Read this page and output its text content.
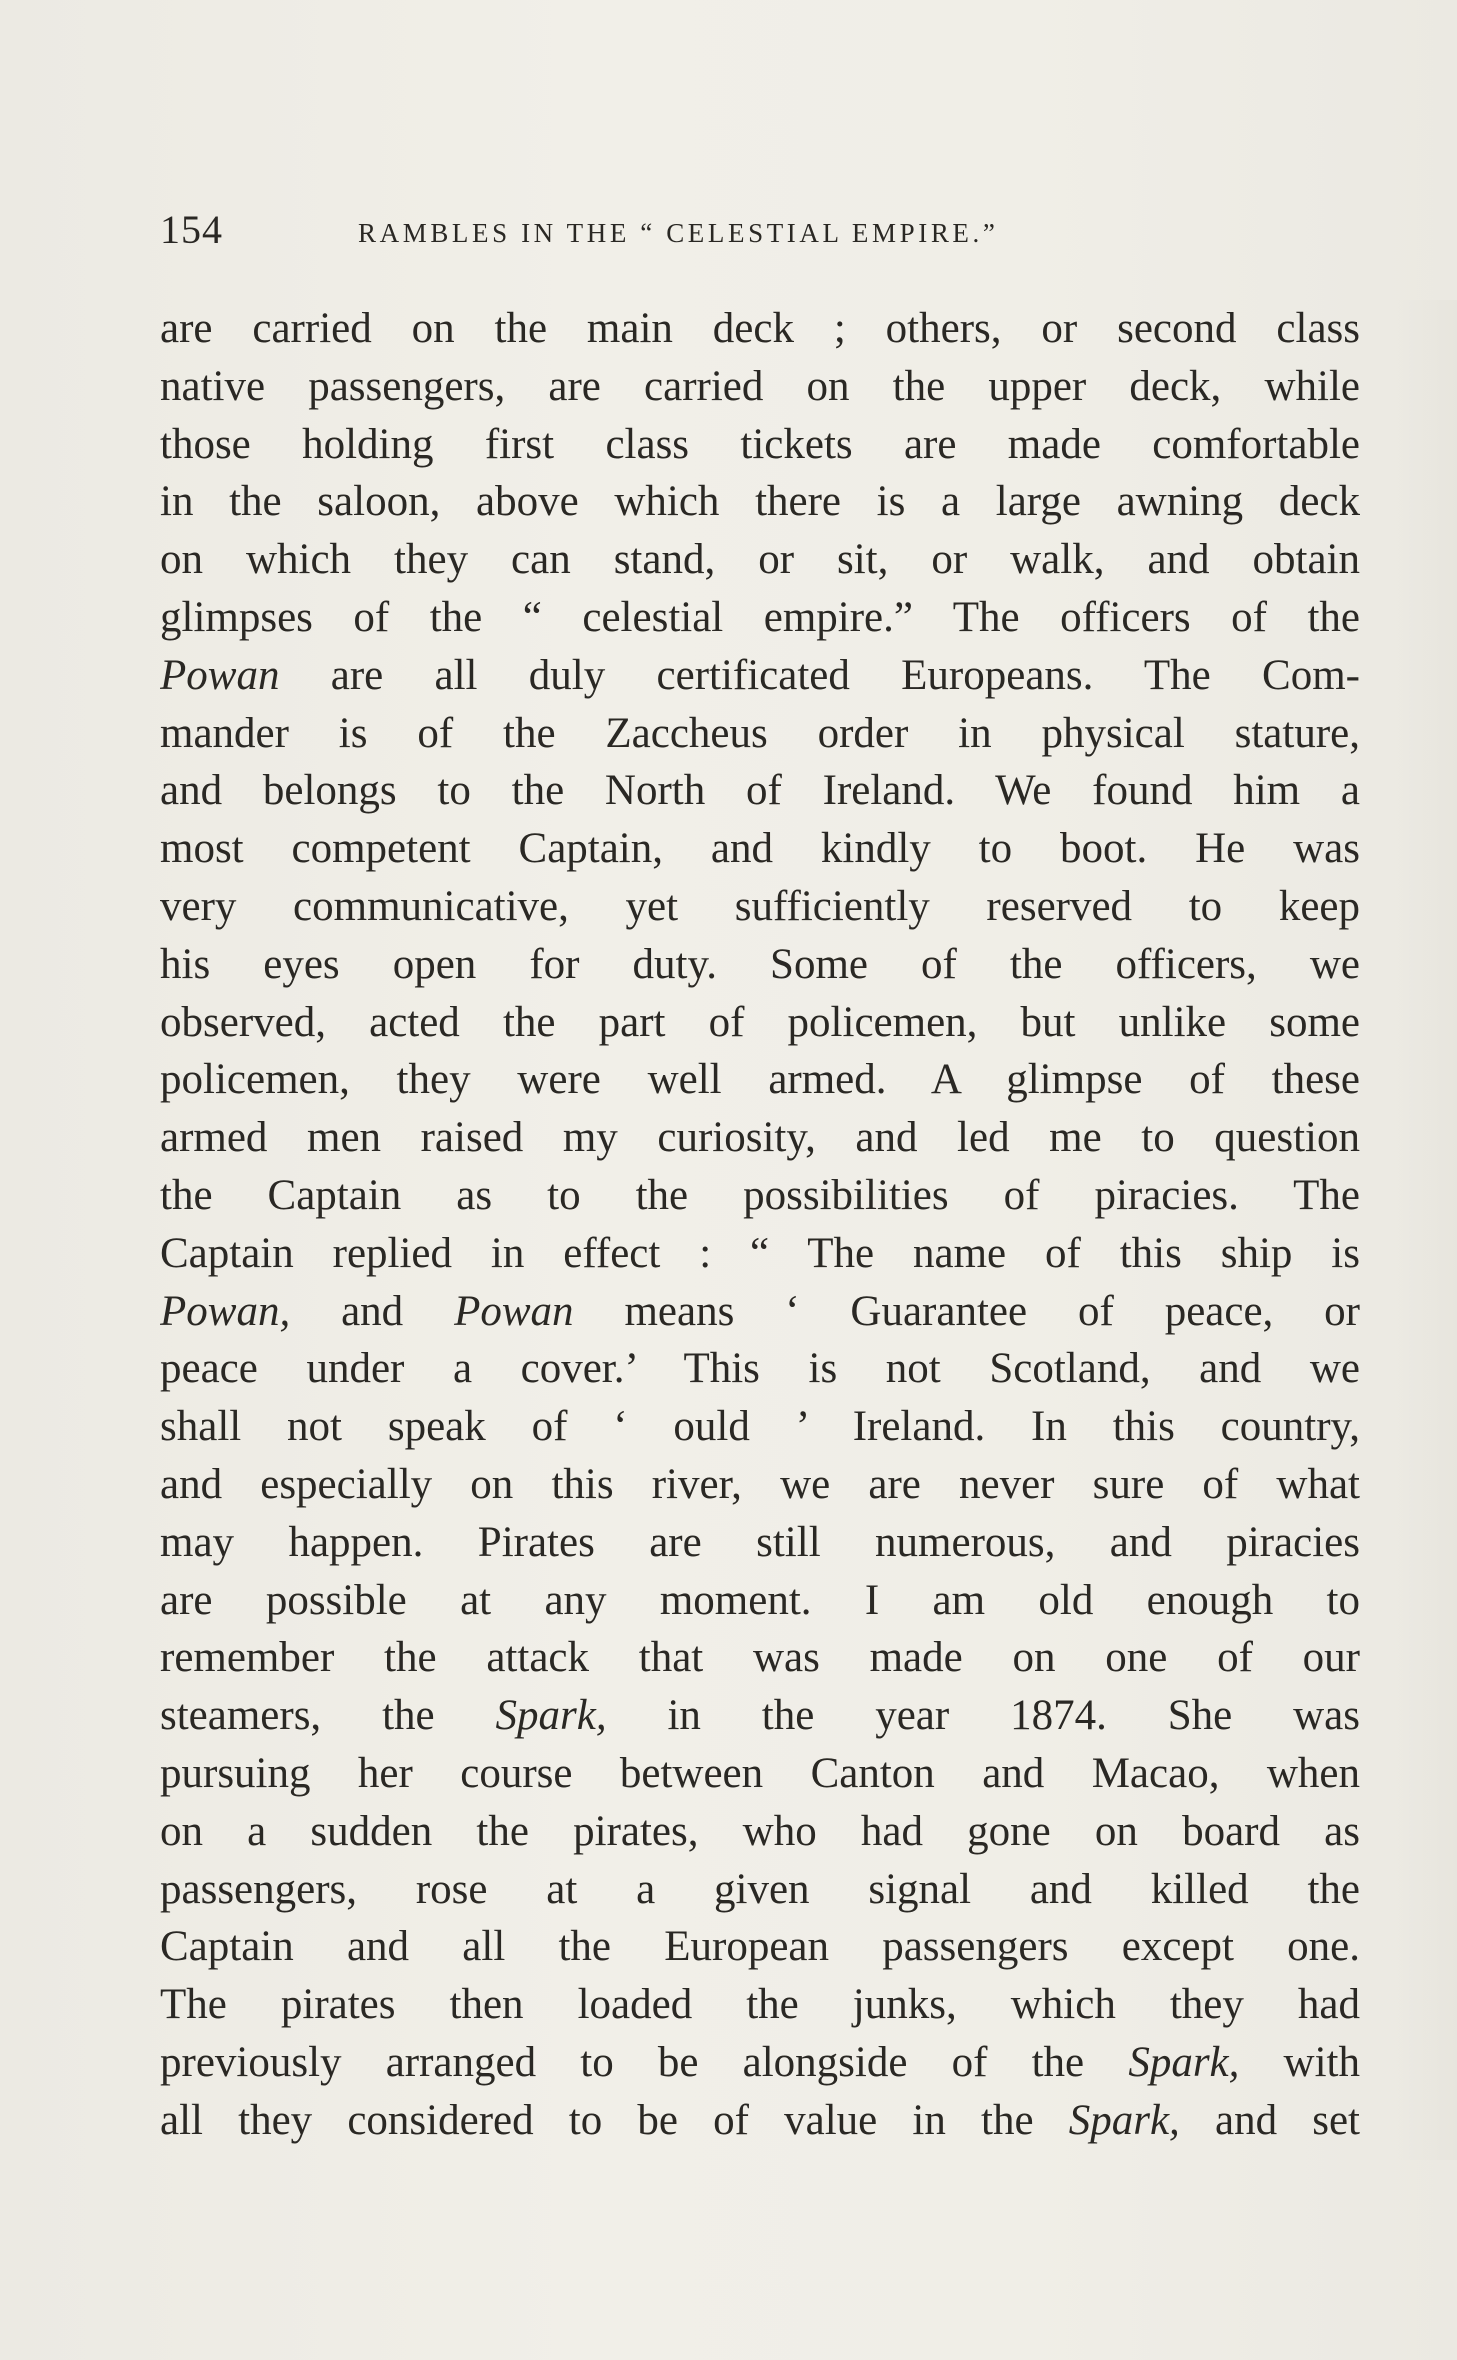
154	RAMBLES IN THE “ CELESTIAL EMPIRE.”
are carried on the main deck ; others, or second class
native passengers, are carried on the upper deck, while
those holding first class tickets are made comfortable
in the saloon, above which there is a large awning deck
on which they can stand, or sit, or walk, and obtain
glimpses of the “ celestial empire.” The officers of the
Powan are all duly certificated Europeans. The Com-
mander is of the Zaccheus order in physical stature,
and belongs to the North of Ireland. We found him a
most competent Captain, and kindly to boot. He was
very communicative, yet sufficiently reserved to keep
his eyes open for duty. Some of the officers, we
observed, acted the part of policemen, but unlike some
policemen, they were well armed. A glimpse of these
armed men raised my curiosity, and led me to question
the Captain as to the possibilities of piracies. The
Captain replied in effect : “ The name of this ship is
Powan, and Powan means ‘ Guarantee of peace, or
peace under a cover.’ This is not Scotland, and we
shall not speak of ‘ ould ’ Ireland. In this country,
and especially on this river, we are never sure of what
may happen. Pirates are still numerous, and piracies
are possible at any moment. I am old enough to
remember the attack that was made on one of our
steamers, the Spark, in the year 1874. She was
pursuing her course between Canton and Macao, when
on a sudden the pirates, who had gone on board as
passengers, rose at a given signal and killed the
Captain and all the European passengers except one.
The pirates then loaded the junks, which they had
previously arranged to be alongside of the Spark, with
all they considered to be of value in the Spark, and set
